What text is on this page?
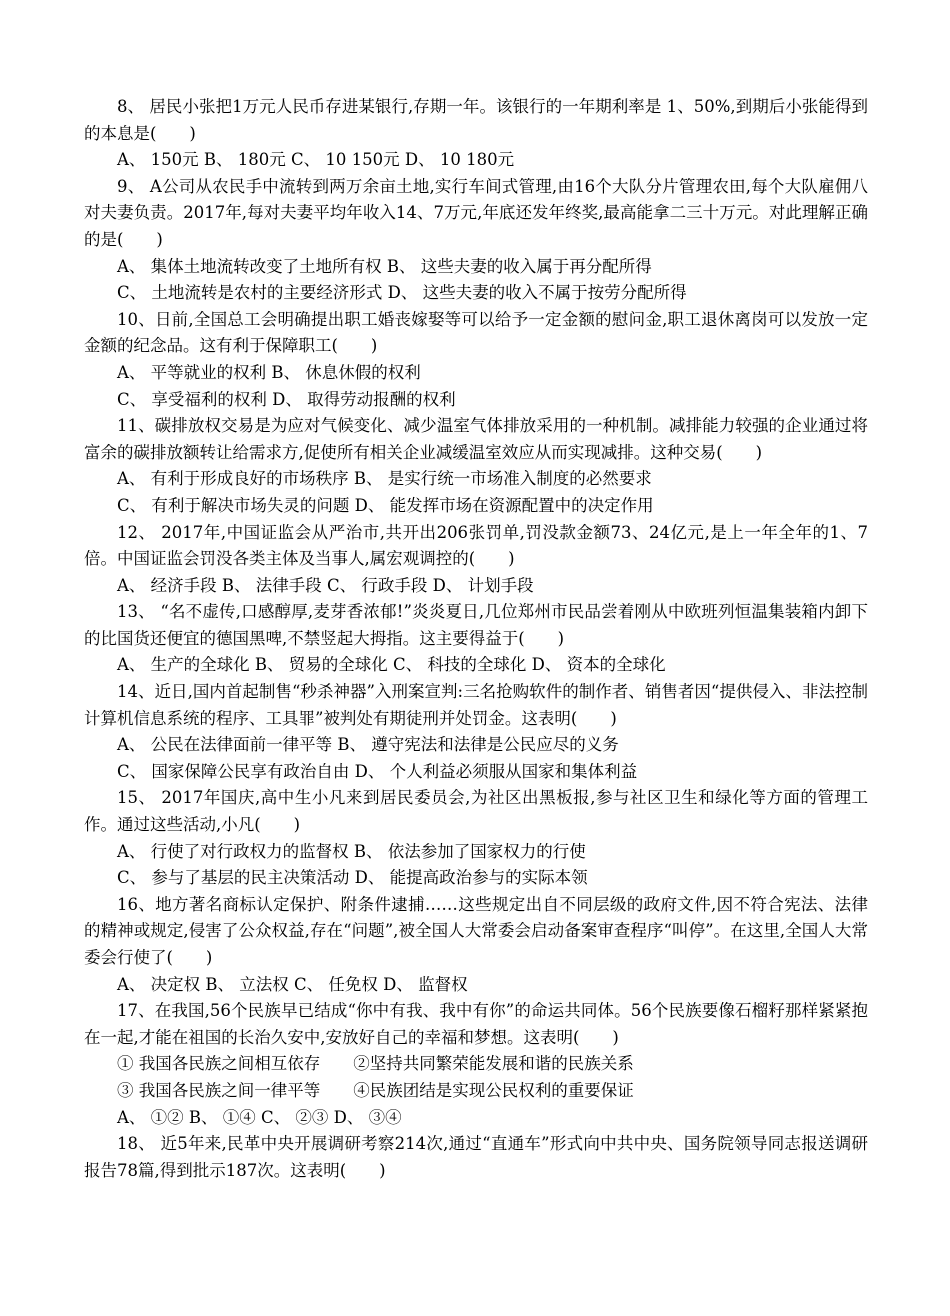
8、 居民小张把1万元人民币存进某银行,存期一年。该银行的一年期利率是 1、50%,到期后小张能得到的本息是(　　)

A、 150元 B、 180元 C、 10 150元 D、 10 180元

9、 A公司从农民手中流转到两万余亩土地,实行车间式管理,由16个大队分片管理农田,每个大队雇佣八对夫妻负责。2017年,每对夫妻平均年收入14、7万元,年底还发年终奖,最高能拿二三十万元。对此理解正确的是(　　)

A、 集体土地流转改变了土地所有权 B、 这些夫妻的收入属于再分配所得

C、 土地流转是农村的主要经济形式 D、 这些夫妻的收入不属于按劳分配所得

10、日前,全国总工会明确提出职工婚丧嫁娶等可以给予一定金额的慰问金,职工退休离岗可以发放一定金额的纪念品。这有利于保障职工(　　)

A、 平等就业的权利 B、 休息休假的权利

C、 享受福利的权利 D、 取得劳动报酬的权利

11、碳排放权交易是为应对气候变化、减少温室气体排放采用的一种机制。减排能力较强的企业通过将富余的碳排放额转让给需求方,促使所有相关企业减缓温室效应从而实现减排。这种交易(　　)

A、 有利于形成良好的市场秩序 B、 是实行统一市场准入制度的必然要求

C、 有利于解决市场失灵的问题 D、 能发挥市场在资源配置中的决定作用

12、 2017年,中国证监会从严治市,共开出206张罚单,罚没款金额73、24亿元,是上一年全年的1、7倍。中国证监会罚没各类主体及当事人,属宏观调控的(　　)

A、 经济手段 B、 法律手段 C、 行政手段 D、 计划手段

13、 “名不虚传,口感醇厚,麦芽香浓郁!”炎炎夏日,几位郑州市民品尝着刚从中欧班列恒温集装箱内卸下的比国货还便宜的德国黑啤,不禁竖起大拇指。这主要得益于(　　)

A、 生产的全球化 B、 贸易的全球化 C、 科技的全球化 D、 资本的全球化

14、近日,国内首起制售“秒杀神器”入刑案宣判:三名抢购软件的制作者、销售者因“提供侵入、非法控制计算机信息系统的程序、工具罪”被判处有期徒刑并处罚金。这表明(　　)

A、 公民在法律面前一律平等 B、 遵守宪法和法律是公民应尽的义务

C、 国家保障公民享有政治自由 D、 个人利益必须服从国家和集体利益

15、 2017年国庆,高中生小凡来到居民委员会,为社区出黑板报,参与社区卫生和绿化等方面的管理工作。通过这些活动,小凡(　　)

A、 行使了对行政权力的监督权 B、 依法参加了国家权力的行使

C、 参与了基层的民主决策活动 D、 能提高政治参与的实际本领

16、地方著名商标认定保护、附条件逮捕……这些规定出自不同层级的政府文件,因不符合宪法、法律的精神或规定,侵害了公众权益,存在“问题”,被全国人大常委会启动备案审查程序“叫停”。在这里,全国人大常委会行使了(　　)

A、 决定权 B、 立法权 C、 任免权 D、 监督权

17、在我国,56个民族早已结成“你中有我、我中有你”的命运共同体。56个民族要像石榴籽那样紧紧抱在一起,才能在祖国的长治久安中,安放好自己的幸福和梦想。这表明(　　)

① 我国各民族之间相互依存　　②坚持共同繁荣能发展和谐的民族关系

③ 我国各民族之间一律平等　　④民族团结是实现公民权利的重要保证

A、 ①② B、 ①④ C、 ②③ D、 ③④

18、 近5年来,民革中央开展调研考察214次,通过“直通车”形式向中共中央、国务院领导同志报送调研报告78篇,得到批示187次。这表明(　　)
